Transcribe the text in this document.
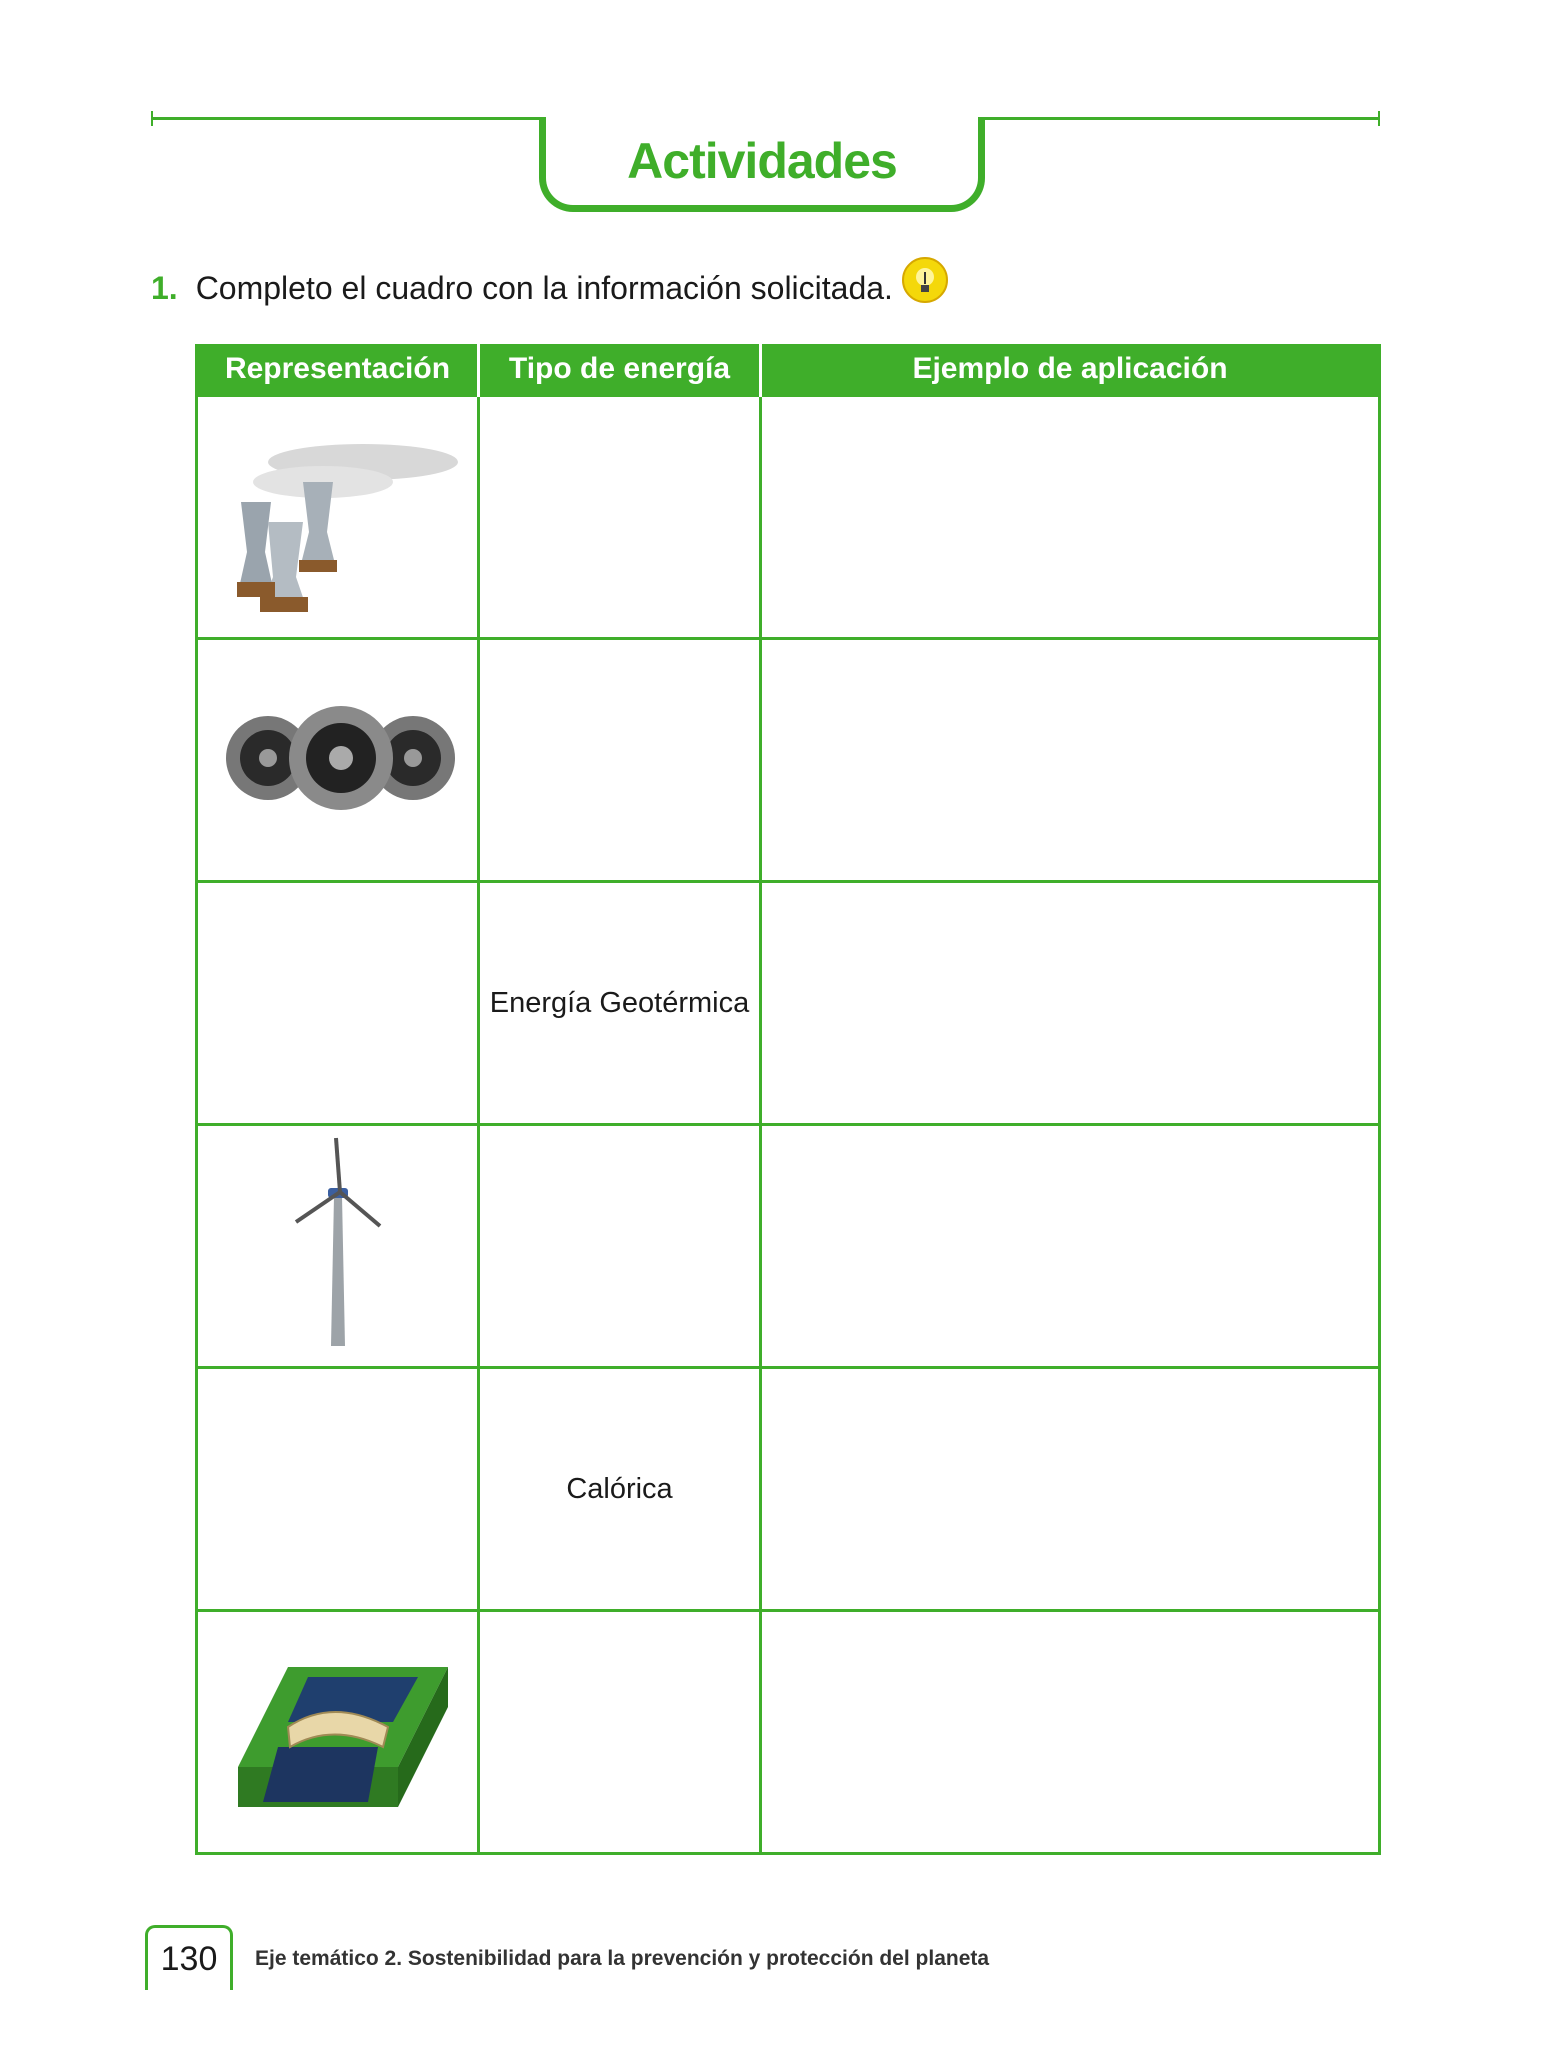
Actividades
1. Completo el cuadro con la información solicitada.
Representación	Tipo de energía	Ejemplo de aplicación

	Energía Geotérmica	

	Calórica	

130	Eje temático 2. Sostenibilidad para la prevención y protección del planeta
